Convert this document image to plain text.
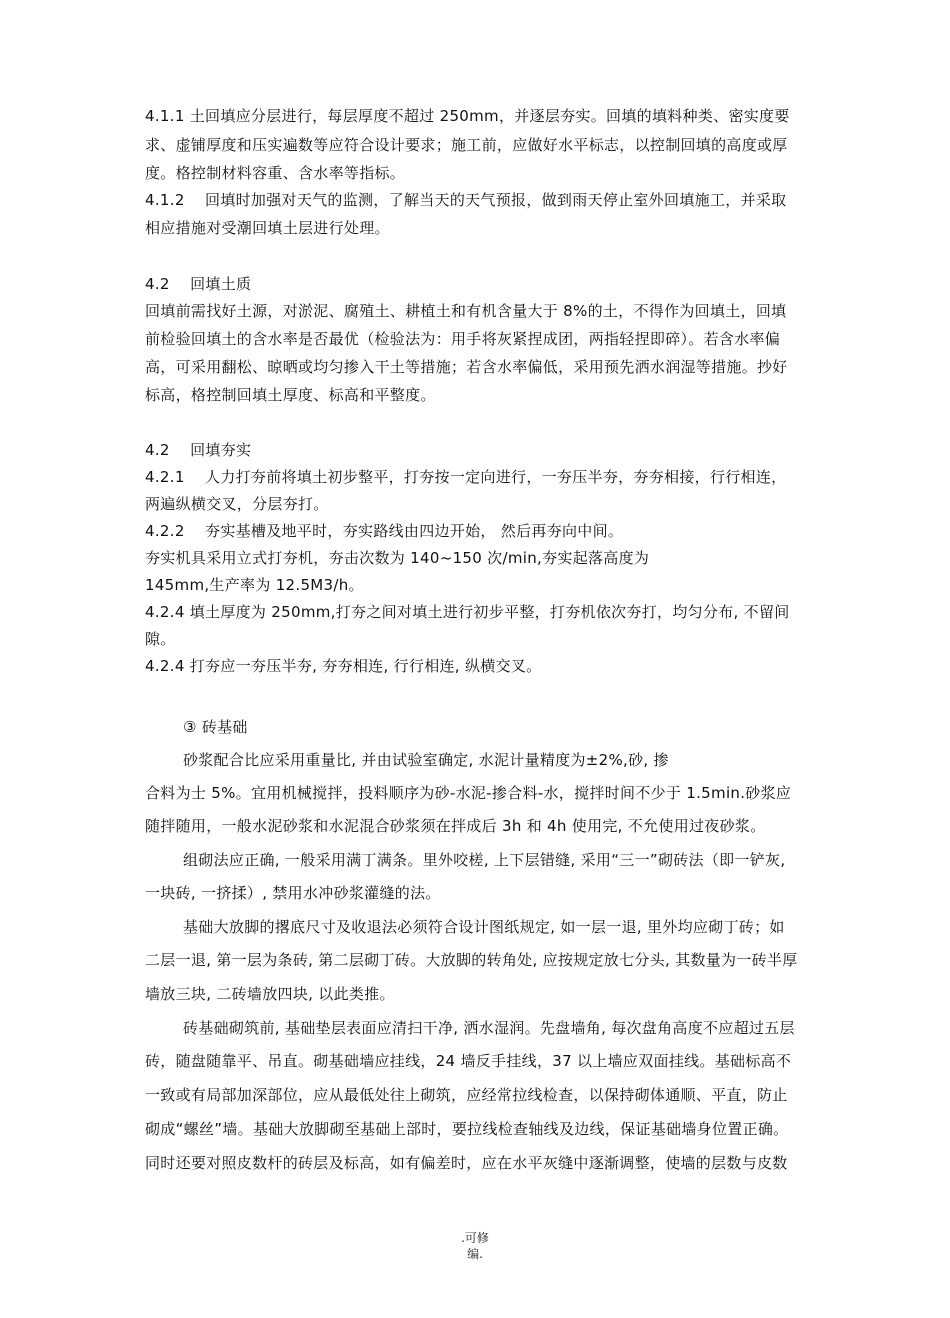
4.1.1 土回填应分层进行，每层厚度不超过 250mm，并逐层夯实。回填的填料种类、密实度要
求、虚铺厚度和压实遍数等应符合设计要求；施工前，应做好水平标志，以控制回填的高度或厚
度。格控制材料容重、含水率等指标。
4.1.2　 回填时加强对天气的监测，了解当天的天气预报，做到雨天停止室外回填施工，并采取
相应措施对受潮回填土层进行处理。
4.2　 回填土质
回填前需找好土源，对淤泥、腐殖土、耕植土和有机含量大于 8%的土，不得作为回填土，回填
前检验回填土的含水率是否最优（检验法为：用手将灰紧捏成团，两指轻捏即碎）。若含水率偏
高，可采用翻松、晾晒或均匀掺入干土等措施；若含水率偏低，采用预先洒水润湿等措施。抄好
标高，格控制回填土厚度、标高和平整度。
4.2　 回填夯实
4.2.1　 人力打夯前将填土初步整平，打夯按一定向进行，一夯压半夯，夯夯相接，行行相连，
两遍纵横交叉，分层夯打。
4.2.2　 夯实基槽及地平时，夯实路线由四边开始， 然后再夯向中间。
夯实机具采用立式打夯机，夯击次数为 140~150 次/min,夯实起落高度为
145mm,生产率为 12.5M3/h。
4.2.4 填土厚度为 250mm,打夯之间对填土进行初步平整，打夯机依次夯打，均匀分布, 不留间
隙。
4.2.4 打夯应一夯压半夯, 夯夯相连, 行行相连, 纵横交叉。
③ 砖基础
砂浆配合比应采用重量比, 并由试验室确定, 水泥计量精度为±2%,砂, 掺
合料为士 5%。宜用机械搅拌，投料顺序为砂-水泥-掺合料-水，搅拌时间不少于 1.5min.砂浆应
随拌随用，一般水泥砂浆和水泥混合砂浆须在拌成后 3h 和 4h 使用完, 不允使用过夜砂浆。
组砌法应正确, 一般采用满丁满条。里外咬槎, 上下层错缝, 采用“三一”砌砖法（即一铲灰,
一块砖, 一挤揉）, 禁用水冲砂浆灌缝的法。
基础大放脚的撂底尺寸及收退法必须符合设计图纸规定, 如一层一退, 里外均应砌丁砖；如
二层一退, 第一层为条砖, 第二层砌丁砖。大放脚的转角处, 应按规定放七分头, 其数量为一砖半厚
墙放三块, 二砖墙放四块, 以此类推。
砖基础砌筑前, 基础垫层表面应清扫干净, 洒水湿润。先盘墙角, 每次盘角高度不应超过五层
砖，随盘随靠平、吊直。砌基础墙应挂线，24 墙反手挂线，37 以上墙应双面挂线。基础标高不
一致或有局部加深部位，应从最低处往上砌筑，应经常拉线检查，以保持砌体通顺、平直，防止
砌成“螺丝”墙。基础大放脚砌至基础上部时，要拉线检查轴线及边线，保证基础墙身位置正确。
同时还要对照皮数杆的砖层及标高，如有偏差时，应在水平灰缝中逐渐调整，使墙的层数与皮数
.可修
编.
